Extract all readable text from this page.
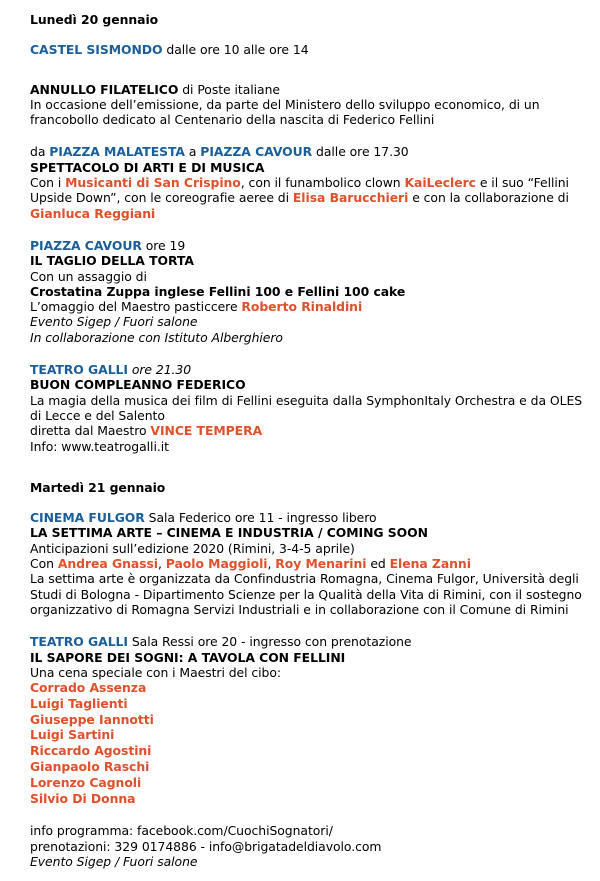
Lunedì 20 gennaio
CASTEL SISMONDO dalle ore 10 alle ore 14
ANNULLO FILATELICO di Poste italiane
In occasione dell’emissione, da parte del Ministero dello sviluppo economico, di un francobollo dedicato al Centenario della nascita di Federico Fellini
da PIAZZA MALATESTA a PIAZZA CAVOUR dalle ore 17.30
SPETTACOLO DI ARTI E DI MUSICA
Con i Musicanti di San Crispino, con il funambolico clown KaiLeclerc e il suo “Fellini Upside Down”, con le coreografie aeree di Elisa Barucchieri e con la collaborazione di Gianluca Reggiani
PIAZZA CAVOUR ore 19
IL TAGLIO DELLA TORTA
Con un assaggio di
Crostatina Zuppa inglese Fellini 100 e Fellini 100 cake
L’omaggio del Maestro pasticcere Roberto Rinaldini
Evento Sigep / Fuori salone
In collaborazione con Istituto Alberghiero
TEATRO GALLI ore 21.30
BUON COMPLEANNO FEDERICO
La magia della musica dei film di Fellini eseguita dalla SymphonItaly Orchestra e da OLES di Lecce e del Salento
diretta dal Maestro VINCE TEMPERA
Info: www.teatrogalli.it
Martedì 21 gennaio
CINEMA FULGOR Sala Federico ore 11 - ingresso libero
LA SETTIMA ARTE – CINEMA E INDUSTRIA / COMING SOON
Anticipazioni sull’edizione 2020 (Rimini, 3-4-5 aprile)
Con Andrea Gnassi, Paolo Maggioli, Roy Menarini ed Elena Zanni
La settima arte è organizzata da Confindustria Romagna, Cinema Fulgor, Università degli Studi di Bologna - Dipartimento Scienze per la Qualità della Vita di Rimini, con il sostegno organizzativo di Romagna Servizi Industriali e in collaborazione con il Comune di Rimini
TEATRO GALLI Sala Ressi ore 20 - ingresso con prenotazione
IL SAPORE DEI SOGNI: A TAVOLA CON FELLINI
Una cena speciale con i Maestri del cibo:
Corrado Assenza
Luigi Taglienti
Giuseppe Iannotti
Luigi Sartini
Riccardo Agostini
Gianpaolo Raschi
Lorenzo Cagnoli
Silvio Di Donna
info programma: facebook.com/CuochiSognatori/
prenotazioni: 329 0174886 - info@brigatadeldiavolo.com
Evento Sigep / Fuori salone
